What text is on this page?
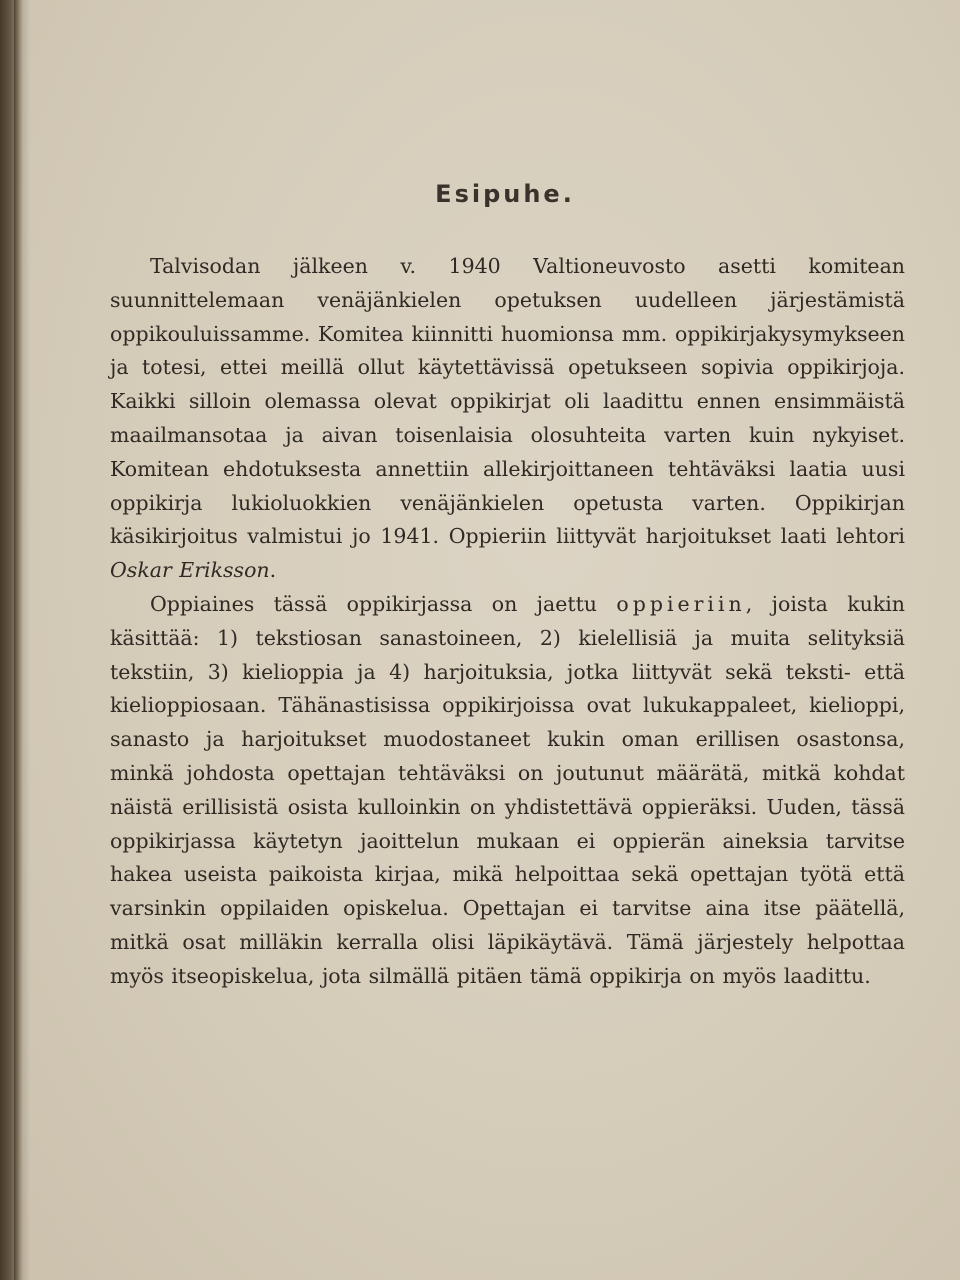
Esipuhe.

Talvisodan jälkeen v. 1940 Valtioneuvosto asetti komitean suunnittelemaan venäjänkielen opetuksen uudelleen järjestämistä oppikouluissamme. Komitea kiinnitti huomionsa mm. oppikirjakysymykseen ja totesi, ettei meillä ollut käytettävissä opetukseen sopivia oppikirjoja. Kaikki silloin olemassa olevat oppikirjat oli laadittu ennen ensimmäistä maailmansotaa ja aivan toisenlaisia olosuhteita varten kuin nykyiset. Komitean ehdotuksesta annettiin allekirjoittaneen tehtäväksi laatia uusi oppikirja lukioluokkien venäjänkielen opetusta varten. Oppikirjan käsikirjoitus valmistui jo 1941. Oppieriin liittyvät harjoitukset laati lehtori Oskar Eriksson.

Oppiaines tässä oppikirjassa on jaettu oppieriin, joista kukin käsittää: 1) tekstiosan sanastoineen, 2) kielellisiä ja muita selityksiä tekstiin, 3) kielioppia ja 4) harjoituksia, jotka liittyvät sekä teksti- että kielioppiosaan. Tähänastisissa oppikirjoissa ovat lukukappaleet, kielioppi, sanasto ja harjoitukset muodostaneet kukin oman erillisen osastonsa, minkä johdosta opettajan tehtäväksi on joutunut määrätä, mitkä kohdat näistä erillisistä osista kulloinkin on yhdistettävä oppieräksi. Uuden, tässä oppikirjassa käytetyn jaoittelun mukaan ei oppierän aineksia tarvitse hakea useista paikoista kirjaa, mikä helpoittaa sekä opettajan työtä että varsinkin oppilaiden opiskelua. Opettajan ei tarvitse aina itse päätellä, mitkä osat milläkin kerralla olisi läpikäytävä. Tämä järjestely helpottaa myös itseopiskelua, jota silmällä pitäen tämä oppikirja on myös laadittu.
